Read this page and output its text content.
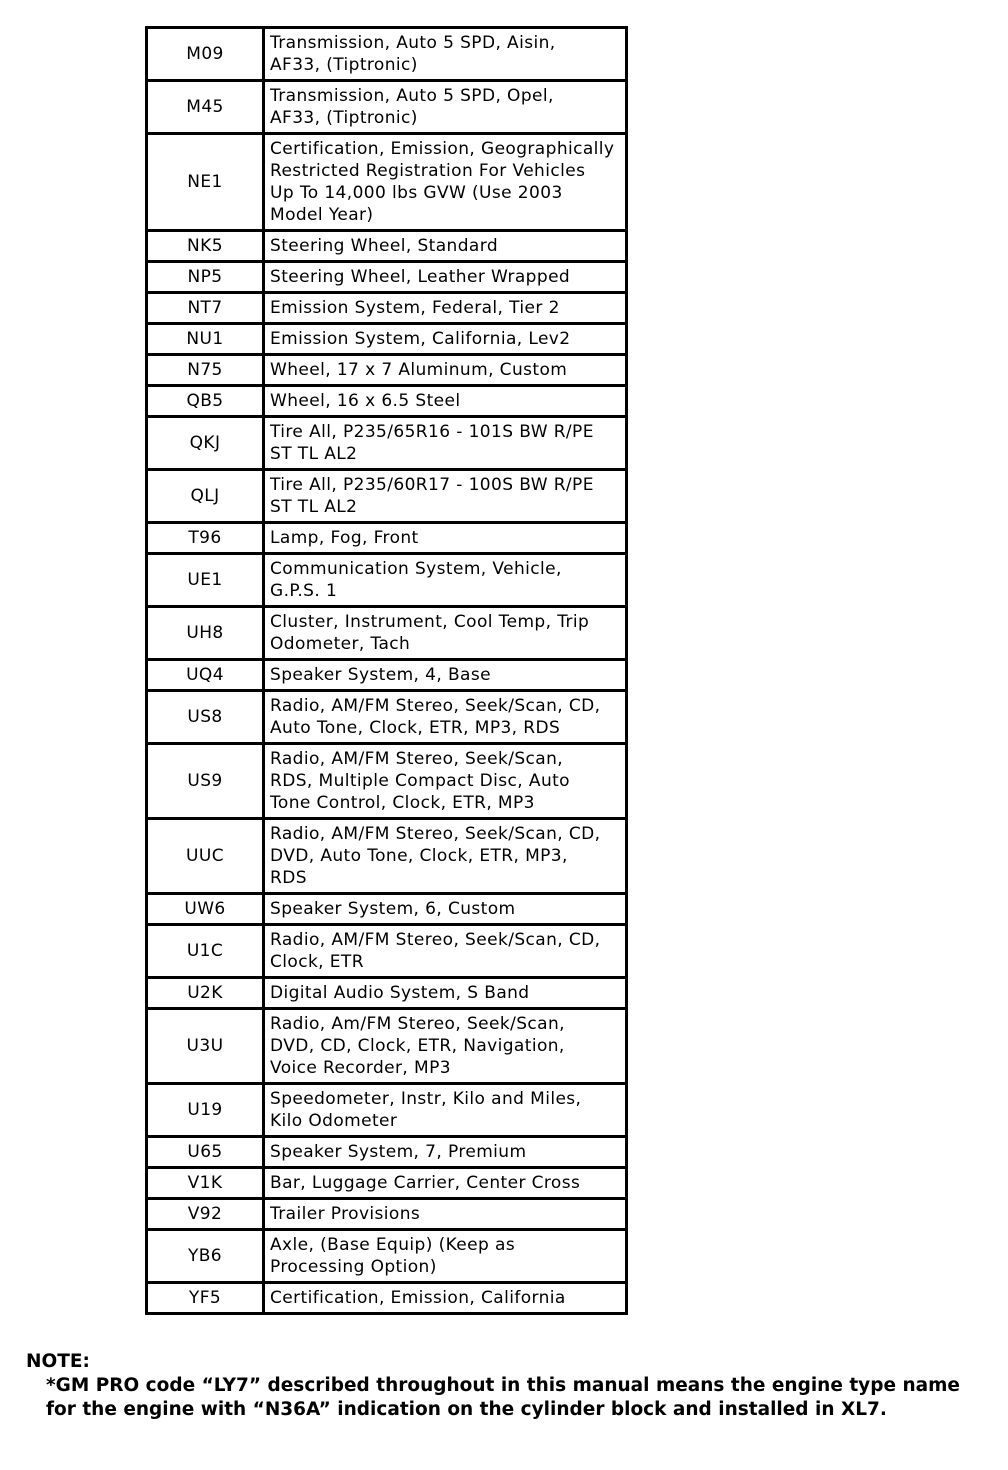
M09	Transmission, Auto 5 SPD, Aisin,
AF33, (Tiptronic)
M45	Transmission, Auto 5 SPD, Opel,
AF33, (Tiptronic)
NE1	Certification, Emission, Geographically
Restricted Registration For Vehicles
Up To 14,000 lbs GVW (Use 2003
Model Year)
NK5	Steering Wheel, Standard
NP5	Steering Wheel, Leather Wrapped
NT7	Emission System, Federal, Tier 2
NU1	Emission System, California, Lev2
N75	Wheel, 17 x 7 Aluminum, Custom
QB5	Wheel, 16 x 6.5 Steel
QKJ	Tire All, P235/65R16 - 101S BW R/PE
ST TL AL2
QLJ	Tire All, P235/60R17 - 100S BW R/PE
ST TL AL2
T96	Lamp, Fog, Front
UE1	Communication System, Vehicle,
G.P.S. 1
UH8	Cluster, Instrument, Cool Temp, Trip
Odometer, Tach
UQ4	Speaker System, 4, Base
US8	Radio, AM/FM Stereo, Seek/Scan, CD,
Auto Tone, Clock, ETR, MP3, RDS
US9	Radio, AM/FM Stereo, Seek/Scan,
RDS, Multiple Compact Disc, Auto
Tone Control, Clock, ETR, MP3
UUC	Radio, AM/FM Stereo, Seek/Scan, CD,
DVD, Auto Tone, Clock, ETR, MP3,
RDS
UW6	Speaker System, 6, Custom
U1C	Radio, AM/FM Stereo, Seek/Scan, CD,
Clock, ETR
U2K	Digital Audio System, S Band
U3U	Radio, Am/FM Stereo, Seek/Scan,
DVD, CD, Clock, ETR, Navigation,
Voice Recorder, MP3
U19	Speedometer, Instr, Kilo and Miles,
Kilo Odometer
U65	Speaker System, 7, Premium
V1K	Bar, Luggage Carrier, Center Cross
V92	Trailer Provisions
YB6	Axle, (Base Equip) (Keep as
Processing Option)
YF5	Certification, Emission, California
NOTE:
*GM PRO code “LY7” described throughout in this manual means the engine type name for the engine with “N36A” indication on the cylinder block and installed in XL7.
